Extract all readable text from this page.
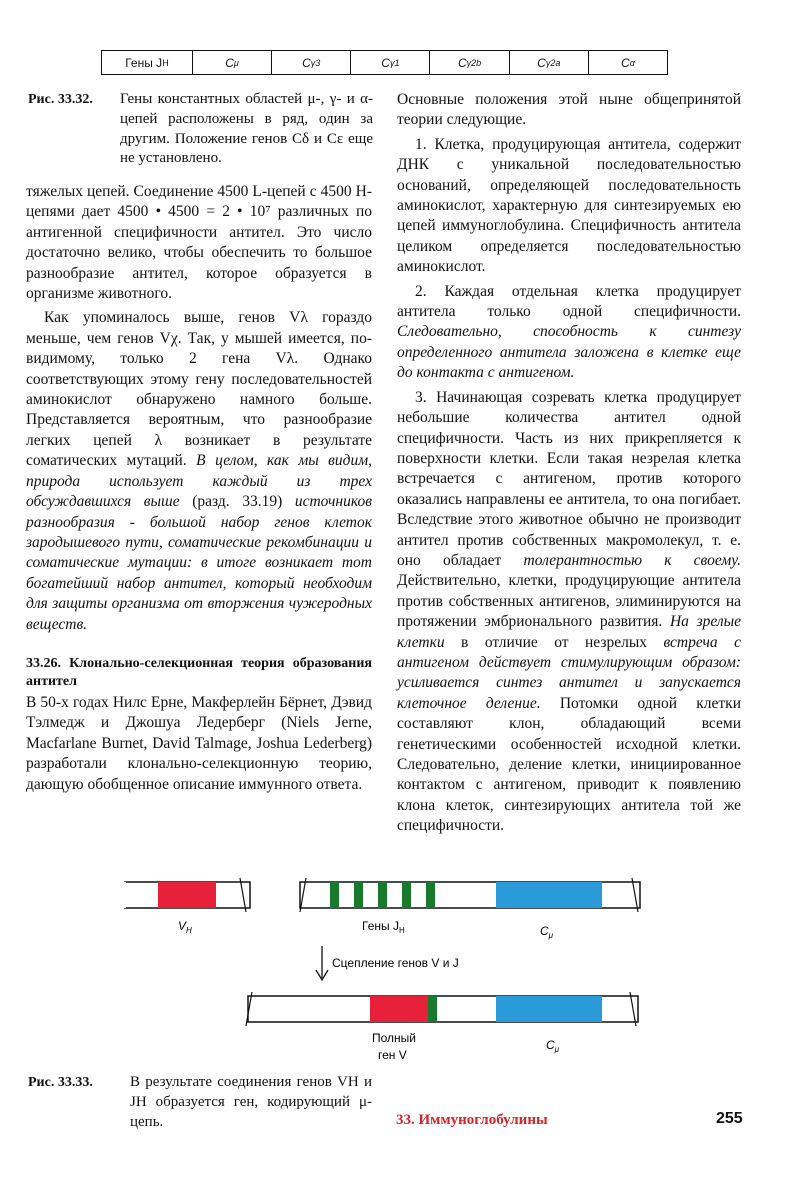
Гены J H	C μ	C γ3	C γ1	C γ2b	C γ2a	C α
Рис. 33.32. Гены константных областей μ-, γ- и α-цепей расположены в ряд, один за другим. Положение генов Cδ и Cε еще не установлено.

тяжелых цепей. Соединение 4500 L-цепей с 4500 H-цепями дает 4500 • 4500 = 2 • 10⁷ различных по антигенной специфичности антител. Это число достаточно велико, чтобы обеспечить то большое разнообразие антител, которое образуется в организме животного.

Как упоминалось выше, генов Vλ гораздо меньше, чем генов Vχ. Так, у мышей имеется, по-видимому, только 2 гена Vλ. Однако соответствующих этому гену последовательностей аминокислот обнаружено намного больше. Представляется вероятным, что разнообразие легких цепей λ возникает в результате соматических мутаций. В целом, как мы видим, природа использует каждый из трех обсуждавшихся выше (разд. 33.19) источников разнообразия - большой набор генов клеток зародышевого пути, соматические рекомбинации и соматические мутации: в итоге возникает тот богатейший набор антител, который необходим для защиты организма от вторжения чужеродных веществ.

33.26. Клонально-селекционная теория образования антител

В 50-х годах Нилс Ерне, Макферлейн Бёрнет, Дэвид Тэлмедж и Джошуа Ледерберг (Niels Jerne, Macfarlane Burnet, David Talmage, Joshua Lederberg) разработали клонально-селекционную теорию, дающую обобщенное описание иммунного ответа.

Основные положения этой ныне общепринятой теории следующие.

1. Клетка, продуцирующая антитела, содержит ДНК с уникальной последовательностью оснований, определяющей последовательность аминокислот, характерную для синтезируемых ею цепей иммуноглобулина. Специфичность антитела целиком определяется последовательностью аминокислот.

2. Каждая отдельная клетка продуцирует антитела только одной специфичности. Следовательно, способность к синтезу определенного антитела заложена в клетке еще до контакта с антигеном.

3. Начинающая созревать клетка продуцирует небольшие количества антител одной специфичности. Часть из них прикрепляется к поверхности клетки. Если такая незрелая клетка встречается с антигеном, против которого оказались направлены ее антитела, то она погибает. Вследствие этого животное обычно не производит антител против собственных макромолекул, т. е. оно обладает толерантностью к своему. Действительно, клетки, продуцирующие антитела против собственных антигенов, элиминируются на протяжении эмбрионального развития. На зрелые клетки в отличие от незрелых встреча с антигеном действует стимулирующим образом: усиливается синтез антител и запускается клеточное деление. Потомки одной клетки составляют клон, обладающий всеми генетическими особенностей исходной клетки. Следовательно, деление клетки, инициированное контактом с антигеном, приводит к появлению клона клеток, синтезирующих антитела той же специфичности.

$V_H$	Гены $J_H$	$C_\mu$
Сцепление генов V и J
Полный
ген V
$C_\mu$
Рис. 33.33. В результате соединения генов VH и JH образуется ген, кодирующий μ-цепь.	33. Иммуноглобулины	255
